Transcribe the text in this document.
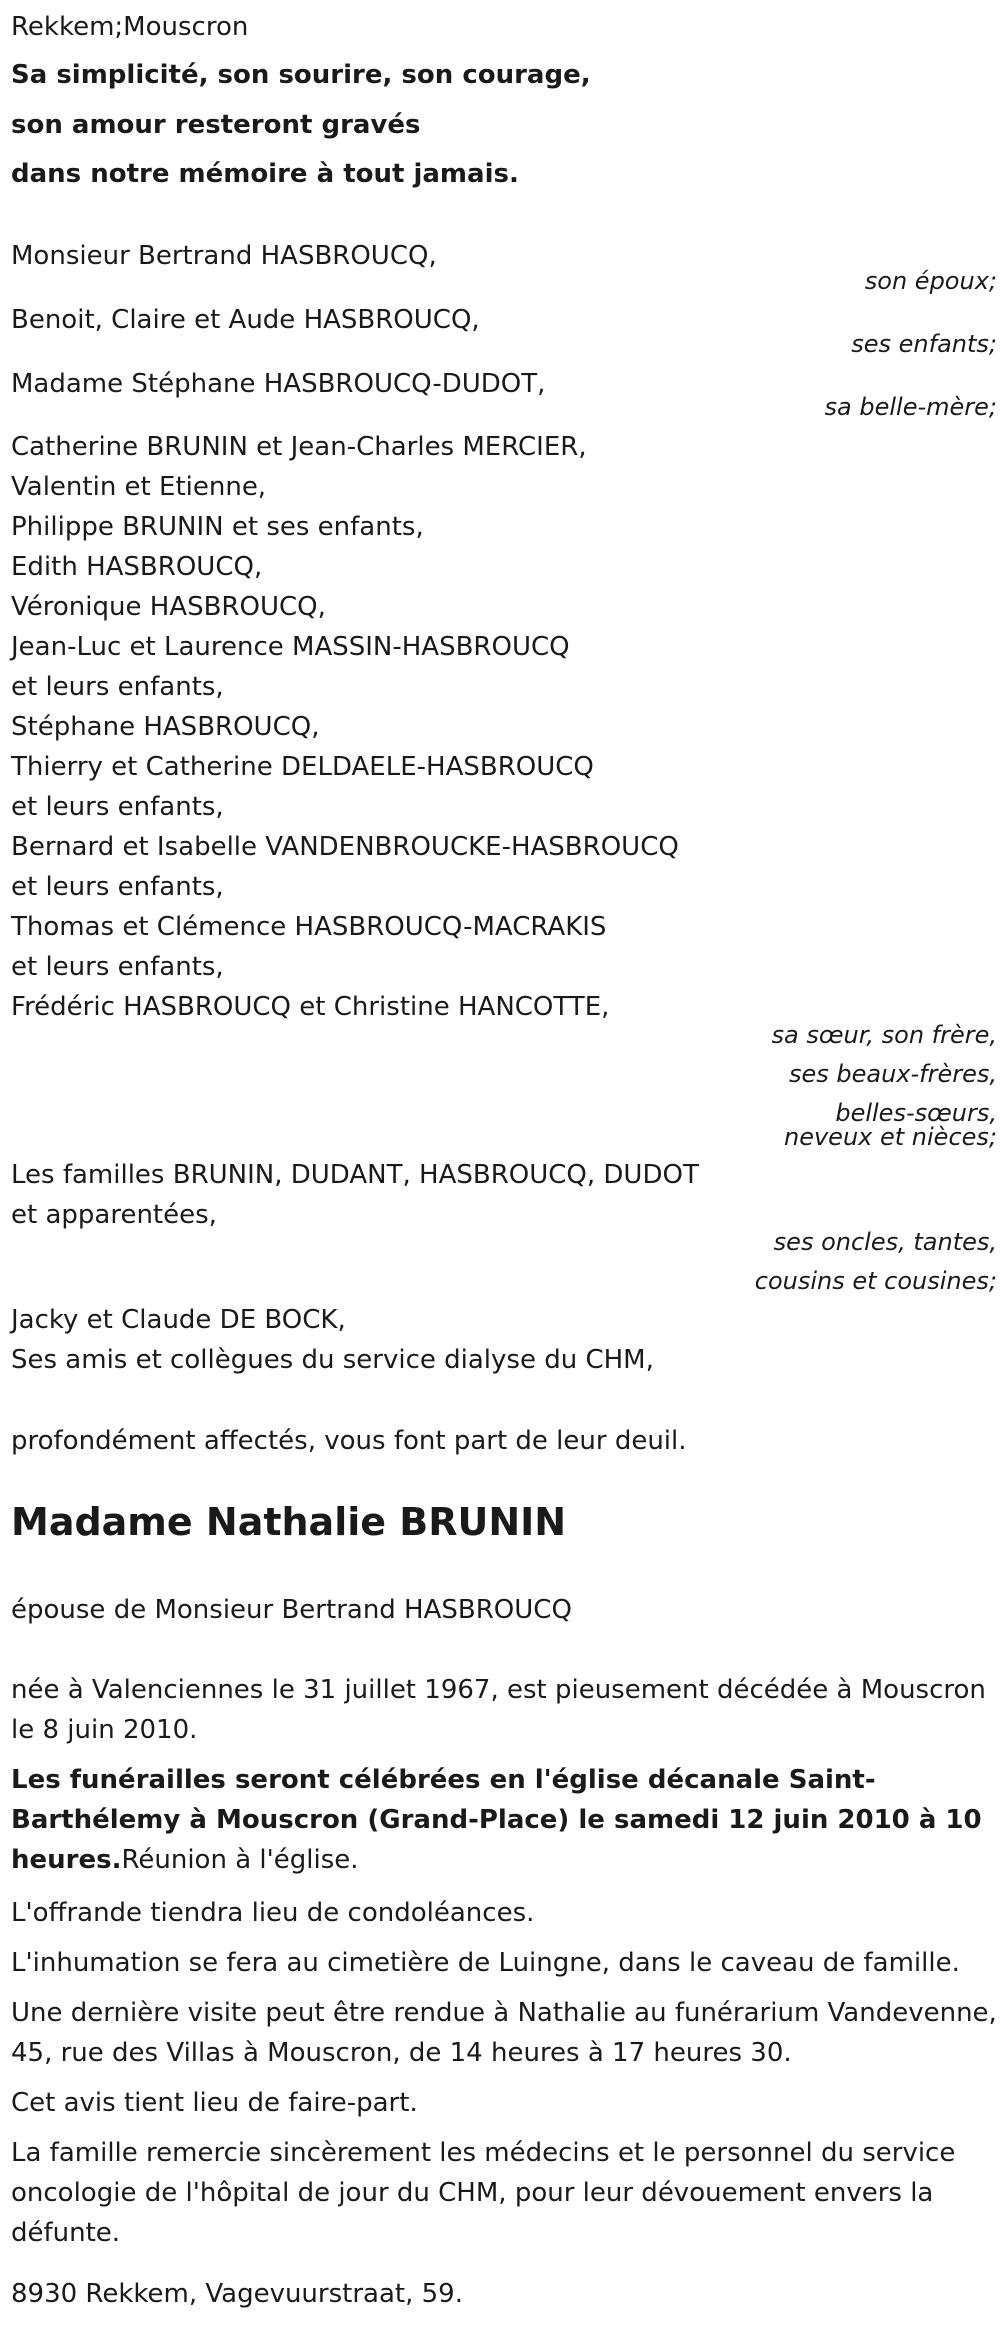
Rekkem;Mouscron
Sa simplicité, son sourire, son courage,
son amour resteront gravés
dans notre mémoire à tout jamais.
Monsieur Bertrand HASBROUCQ,
son époux;
Benoit, Claire et Aude HASBROUCQ,
ses enfants;
Madame Stéphane HASBROUCQ-DUDOT,
sa belle-mère;
Catherine BRUNIN et Jean-Charles MERCIER,
Valentin et Etienne,
Philippe BRUNIN et ses enfants,
Edith HASBROUCQ,
Véronique HASBROUCQ,
Jean-Luc et Laurence MASSIN-HASBROUCQ
et leurs enfants,
Stéphane HASBROUCQ,
Thierry et Catherine DELDAELE-HASBROUCQ
et leurs enfants,
Bernard et Isabelle VANDENBROUCKE-HASBROUCQ
et leurs enfants,
Thomas et Clémence HASBROUCQ-MACRAKIS
et leurs enfants,
Frédéric HASBROUCQ et Christine HANCOTTE,
sa sœur, son frère,
ses beaux-frères,
belles-sœurs,
neveux et nièces;
Les familles BRUNIN, DUDANT, HASBROUCQ, DUDOT
et apparentées,
ses oncles, tantes,
cousins et cousines;
Jacky et Claude DE BOCK,
Ses amis et collègues du service dialyse du CHM,
profondément affectés, vous font part de leur deuil.
Madame Nathalie BRUNIN
épouse de Monsieur Bertrand HASBROUCQ
née à Valenciennes le 31 juillet 1967, est pieusement décédée à Mouscron le 8 juin 2010.
Les funérailles seront célébrées en l'église décanale Saint-Barthélemy à Mouscron (Grand-Place) le samedi 12 juin 2010 à 10 heures.Réunion à l'église.
L'offrande tiendra lieu de condoléances.
L'inhumation se fera au cimetière de Luingne, dans le caveau de famille.
Une dernière visite peut être rendue à Nathalie au funérarium Vandevenne, 45, rue des Villas à Mouscron, de 14 heures à 17 heures 30.
Cet avis tient lieu de faire-part.
La famille remercie sincèrement les médecins et le personnel du service oncologie de l'hôpital de jour du CHM, pour leur dévouement envers la défunte.
8930 Rekkem, Vagevuurstraat, 59.
